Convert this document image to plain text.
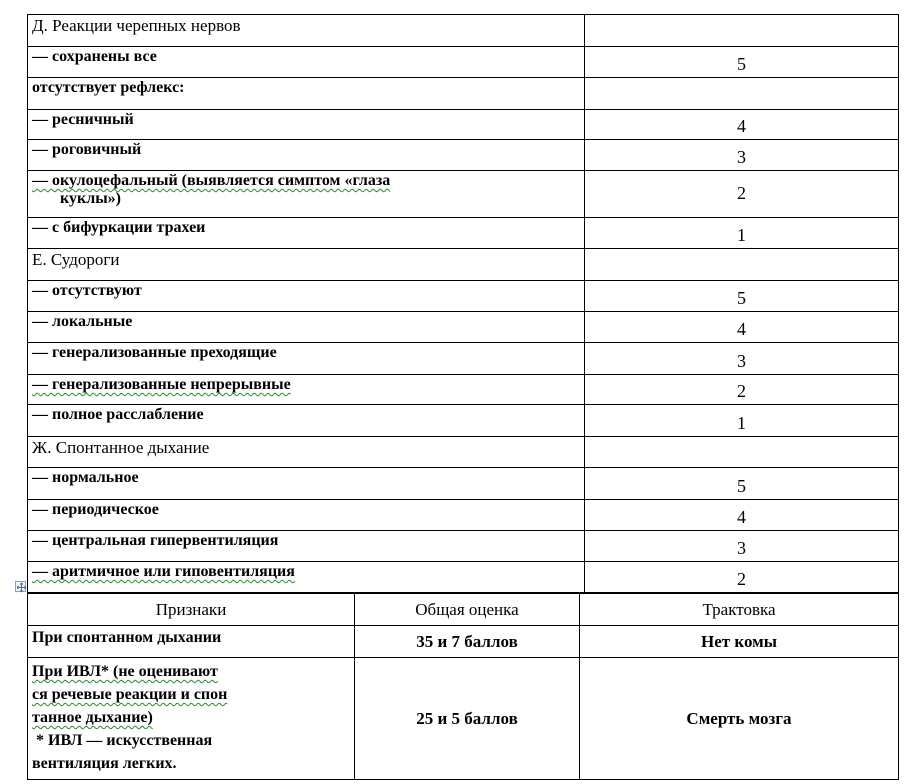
Д. Реакции черепных нервов	
— сохранены все	5
отсутствует рефлекс:	
— ресничный	4
— роговичный	3

— окулоцефальный (выявляется симптом «глаза
куклы»)	2
— с бифуркации трахеи	1
Е. Судороги	
— отсутствуют	5
— локальные	4
— генерализованные преходящие	3
— генерализованные непрерывные	2
— полное расслабление	1
Ж. Спонтанное дыхание	
— нормальное	5
— периодическое	4
— центральная гипервентиляция	3
— аритмичное или гиповентиляция	2
Признаки	Общая оценка	Трактовка
При спонтанном дыхании	35 и 7 баллов	Нет комы

При ИВЛ* (не оценивают
ся речевые реакции и спон
танное дыхание)
* ИВЛ — искусственная
вентиляция легких.	25 и 5 баллов	Смерть мозга
